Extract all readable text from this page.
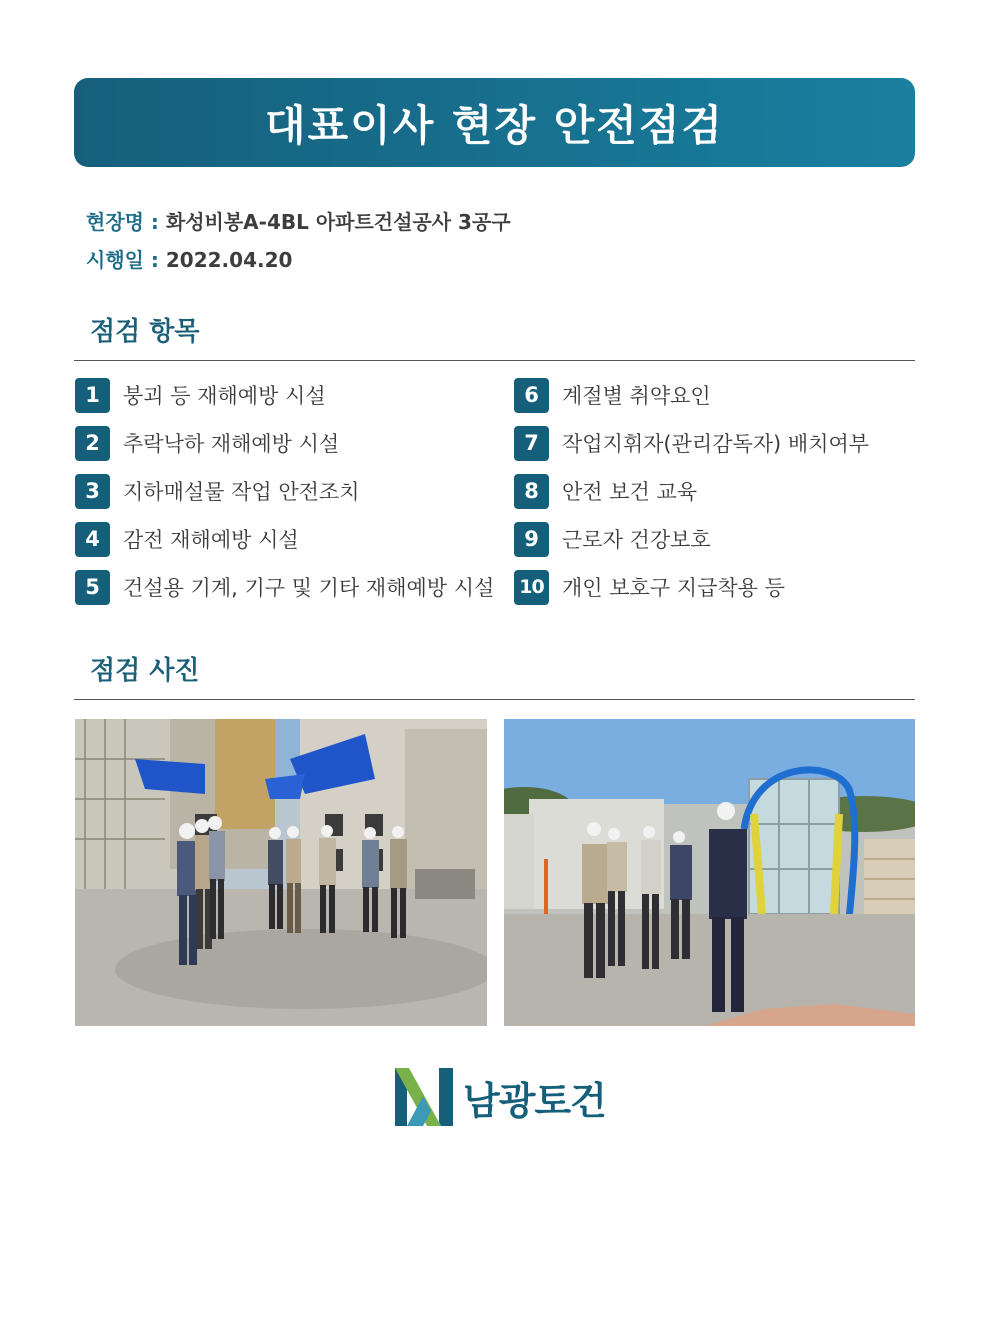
대표이사 현장 안전점검
현장명 : 화성비봉A-4BL 아파트건설공사 3공구
시행일 : 2022.04.20
점검 항목
1	붕괴 등 재해예방 시설
2	추락낙하 재해예방 시설
3	지하매설물 작업 안전조치
4	감전 재해예방 시설
5	건설용 기계, 기구 및 기타 재해예방 시설
6	계절별 취약요인
7	작업지휘자(관리감독자) 배치여부
8	안전 보건 교육
9	근로자 건강보호
10 개인 보호구 지급착용 등
점검 사진
남광토건
